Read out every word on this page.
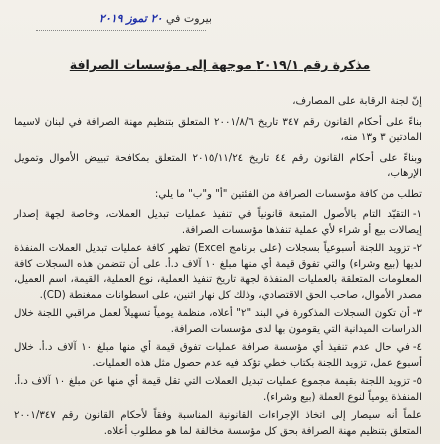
بيروت في ٢٠ تموز ٢٠١٩
مذكرة رقم ٢٠١٩/١ موجهة إلى مؤسسات الصرافة

إنّ لجنة الرقابة على المصارف،

بناءً على أحكام القانون رقم ٣٤٧ تاريخ ٢٠٠١/٨/٦ المتعلق بتنظيم مهنة الصرافة في لبنان لاسيما المادتين ٣ و١٣ منه،

وبناءً على أحكام القانون رقم ٤٤ تاريخ ٢٠١٥/١١/٢٤ المتعلق بمكافحة تبييض الأموال وتمويل الإرهاب،

تطلب من كافة مؤسسات الصرافة من الفئتين "أ" و"ب" ما يلي:

١-التقيّد التام بالأصول المتبعة قانونياً في تنفيذ عمليات تبديل العملات، وخاصة لجهة إصدار إيصالات بيع أو شراء لأي عملية تنفذها مؤسسات الصرافة.
٢-تزويد اللجنة أسبوعياً بسجلات (على برنامج Excel) تظهر كافة عمليات تبديل العملات المنفذة لديها (بيع وشراء) والتي تفوق قيمة أي منها مبلغ ١٠ آلاف د.أ. على أن تتضمن هذه السجلات كافة المعلومات المتعلقة بالعمليات المنفذة لجهة تاريخ تنفيذ العملية، نوع العملية، القيمة، اسم العميل، مصدر الأموال، صاحب الحق الاقتصادي، وذلك كل نهار اثنين، على اسطوانات ممغنطة (CD).
٣-أن تكون السجلات المذكورة في البند "٢" أعلاه، منظمة يومياً تسهيلاً لعمل مراقبي اللجنة خلال الدراسات الميدانية التي يقومون بها لدى مؤسسات الصرافة.
٤-في حال عدم تنفيذ أي مؤسسة صرافة عمليات تفوق قيمة أي منها مبلغ ١٠ آلاف د.أ. خلال أسبوع عمل، تزويد اللجنة بكتاب خطي تؤكد فيه عدم حصول مثل هذه العمليات.
٥-تزويد اللجنة بقيمة مجموع عمليات تبديل العملات التي تقل قيمة أي منها عن مبلغ ١٠ آلاف د.أ. المنفذة يومياً لنوع العملة (بيع وشراء).

علماً أنه سيصار إلى اتخاذ الإجراءات القانونية المناسبة وفقاً لأحكام القانون رقم ٢٠٠١/٣٤٧ المتعلق بتنظيم مهنة الصرافة بحق كل مؤسسة مخالفة لما هو مطلوب أعلاه.
